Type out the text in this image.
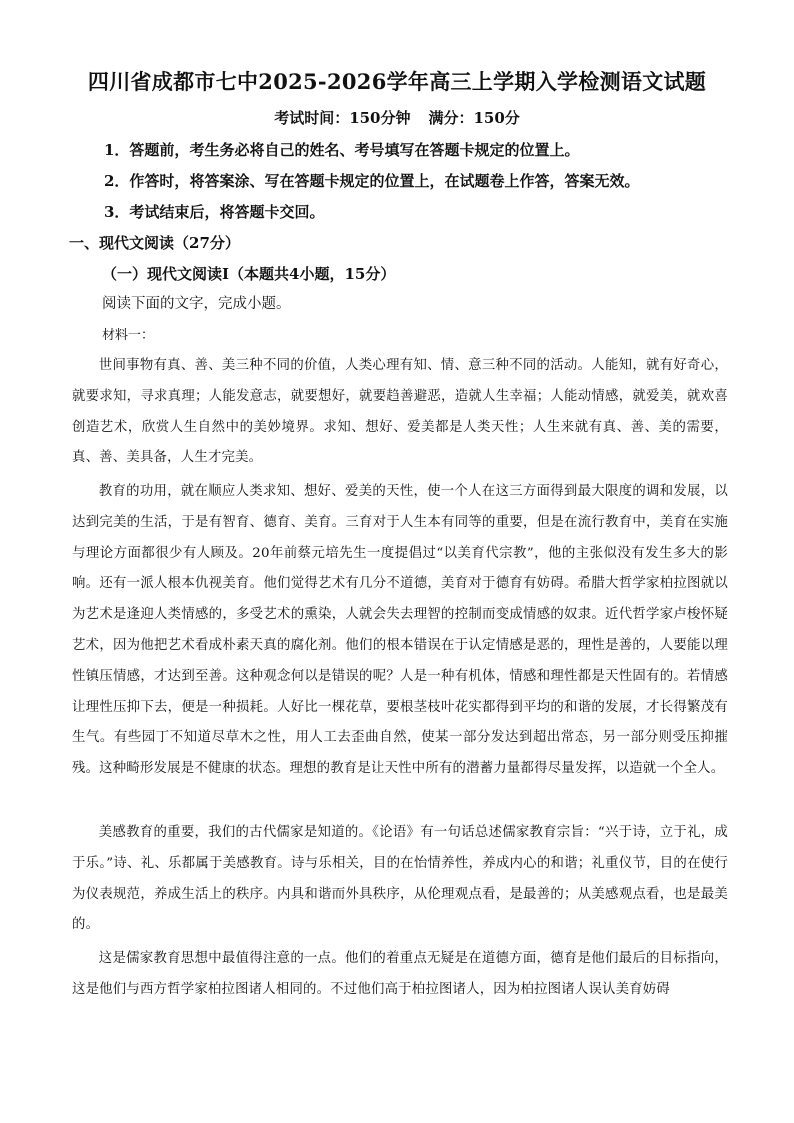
四川省成都市七中2025-2026学年高三上学期入学检测语文试题
考试时间：150分钟 满分：150分
1．答题前，考生务必将自己的姓名、考号填写在答题卡规定的位置上。
2．作答时，将答案涂、写在答题卡规定的位置上，在试题卷上作答，答案无效。
3．考试结束后，将答题卡交回。
一、现代文阅读（27分）
（一）现代文阅读Ⅰ（本题共4小题，15分）
阅读下面的文字，完成小题。
材料一：
世间事物有真、善、美三种不同的价值，人类心理有知、情、意三种不同的活动。人能知，就有好奇心，就要求知，寻求真理；人能发意志，就要想好，就要趋善避恶，造就人生幸福；人能动情感，就爱美，就欢喜创造艺术，欣赏人生自然中的美妙境界。求知、想好、爱美都是人类天性；人生来就有真、善、美的需要，真、善、美具备，人生才完美。
教育的功用，就在顺应人类求知、想好、爱美的天性，使一个人在这三方面得到最大限度的调和发展，以达到完美的生活，于是有智育、德育、美育。三育对于人生本有同等的重要，但是在流行教育中，美育在实施与理论方面都很少有人顾及。20年前蔡元培先生一度提倡过“以美育代宗教”，他的主张似没有发生多大的影响。还有一派人根本仇视美育。他们觉得艺术有几分不道德，美育对于德育有妨碍。希腊大哲学家柏拉图就以为艺术是逢迎人类情感的，多受艺术的熏染，人就会失去理智的控制而变成情感的奴隶。近代哲学家卢梭怀疑艺术，因为他把艺术看成朴素天真的腐化剂。他们的根本错误在于认定情感是恶的，理性是善的，人要能以理性镇压情感，才达到至善。这种观念何以是错误的呢？人是一种有机体，情感和理性都是天性固有的。若情感让理性压抑下去，便是一种损耗。人好比一棵花草，要根茎枝叶花实都得到平均的和谐的发展，才长得繁茂有生气。有些园丁不知道尽草木之性，用人工去歪曲自然，使某一部分发达到超出常态，另一部分则受压抑摧残。这种畸形发展是不健康的状态。理想的教育是让天性中所有的潜蓄力量都得尽量发挥，以造就一个全人。
美感教育的重要，我们的古代儒家是知道的。《论语》有一句话总述儒家教育宗旨：“兴于诗，立于礼，成于乐。”诗、礼、乐都属于美感教育。诗与乐相关，目的在怡情养性，养成内心的和谐；礼重仪节，目的在使行为仪表规范，养成生活上的秩序。内具和谐而外具秩序，从伦理观点看，是最善的；从美感观点看，也是最美的。
这是儒家教育思想中最值得注意的一点。他们的着重点无疑是在道德方面，德育是他们最后的目标指向，这是他们与西方哲学家柏拉图诸人相同的。不过他们高于柏拉图诸人，因为柏拉图诸人误认美育妨碍
